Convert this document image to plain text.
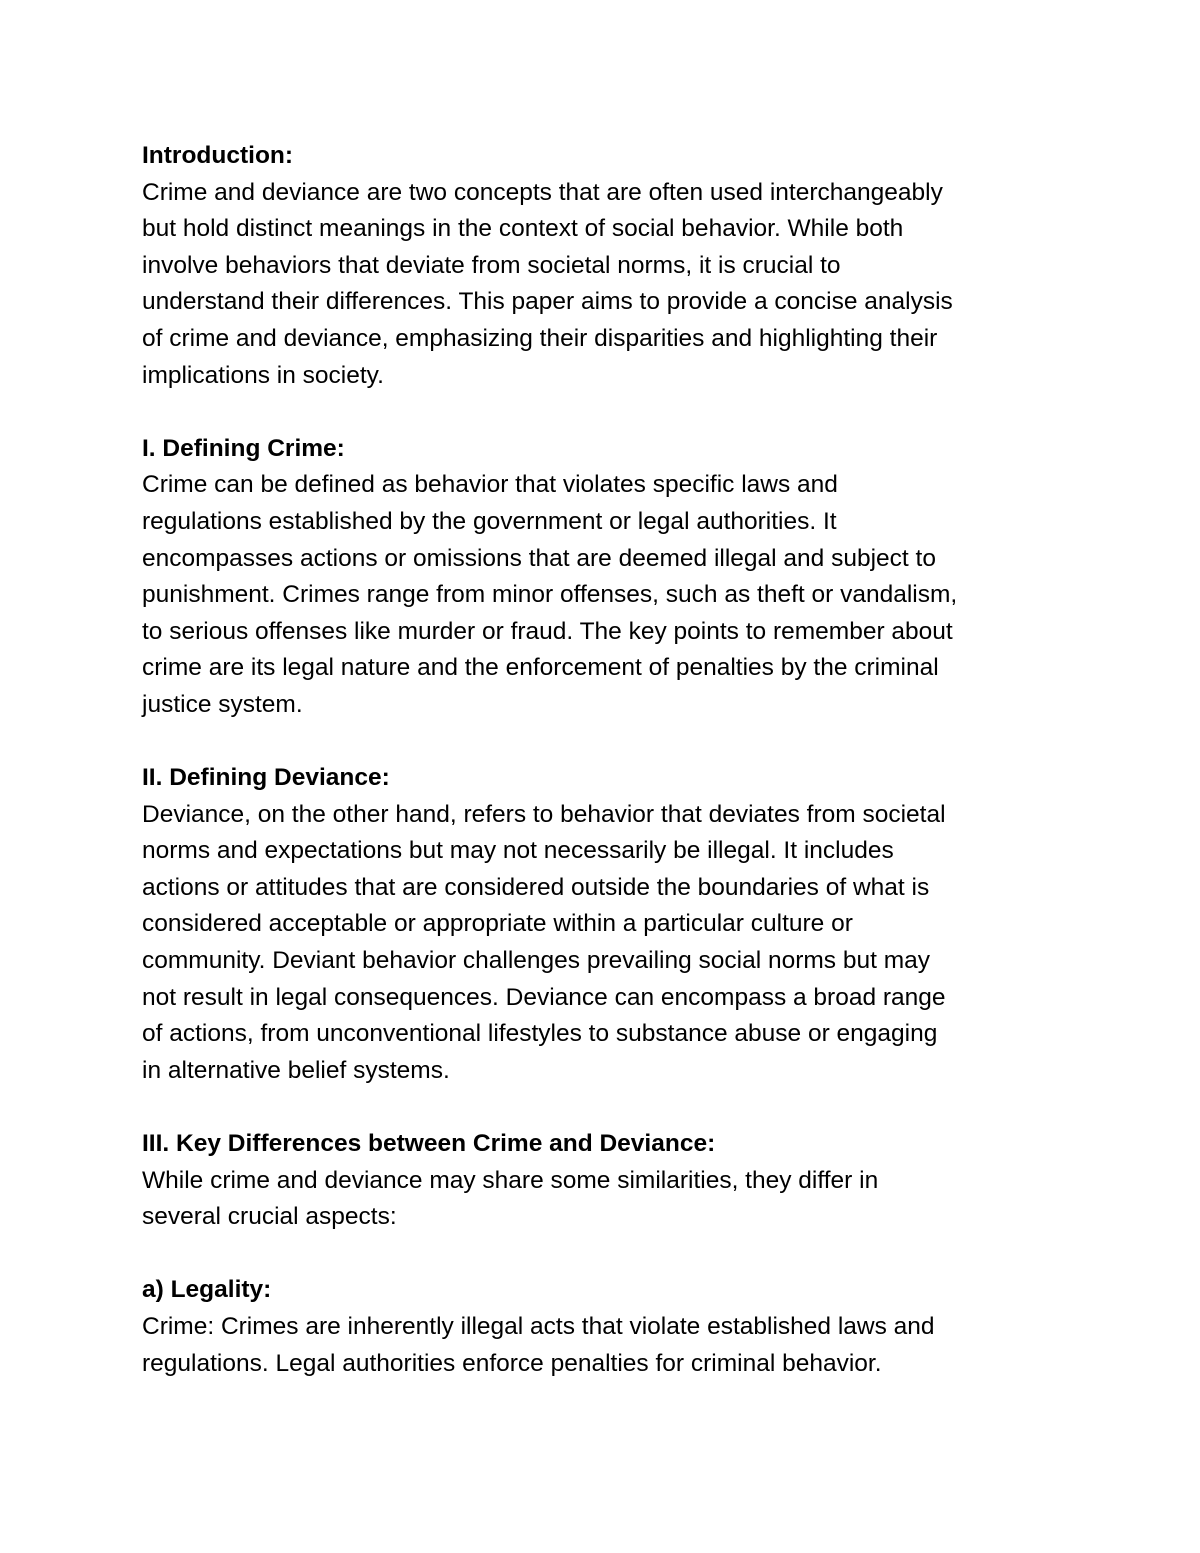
Introduction:

Crime and deviance are two concepts that are often used interchangeably

but hold distinct meanings in the context of social behavior. While both

involve behaviors that deviate from societal norms, it is crucial to

understand their differences. This paper aims to provide a concise analysis

of crime and deviance, emphasizing their disparities and highlighting their

implications in society.

I. Defining Crime:

Crime can be defined as behavior that violates specific laws and

regulations established by the government or legal authorities. It

encompasses actions or omissions that are deemed illegal and subject to

punishment. Crimes range from minor offenses, such as theft or vandalism,

to serious offenses like murder or fraud. The key points to remember about

crime are its legal nature and the enforcement of penalties by the criminal

justice system.

II. Defining Deviance:

Deviance, on the other hand, refers to behavior that deviates from societal

norms and expectations but may not necessarily be illegal. It includes

actions or attitudes that are considered outside the boundaries of what is

considered acceptable or appropriate within a particular culture or

community. Deviant behavior challenges prevailing social norms but may

not result in legal consequences. Deviance can encompass a broad range

of actions, from unconventional lifestyles to substance abuse or engaging

in alternative belief systems.

III. Key Differences between Crime and Deviance:

While crime and deviance may share some similarities, they differ in

several crucial aspects:

a) Legality:

Crime: Crimes are inherently illegal acts that violate established laws and

regulations. Legal authorities enforce penalties for criminal behavior.
